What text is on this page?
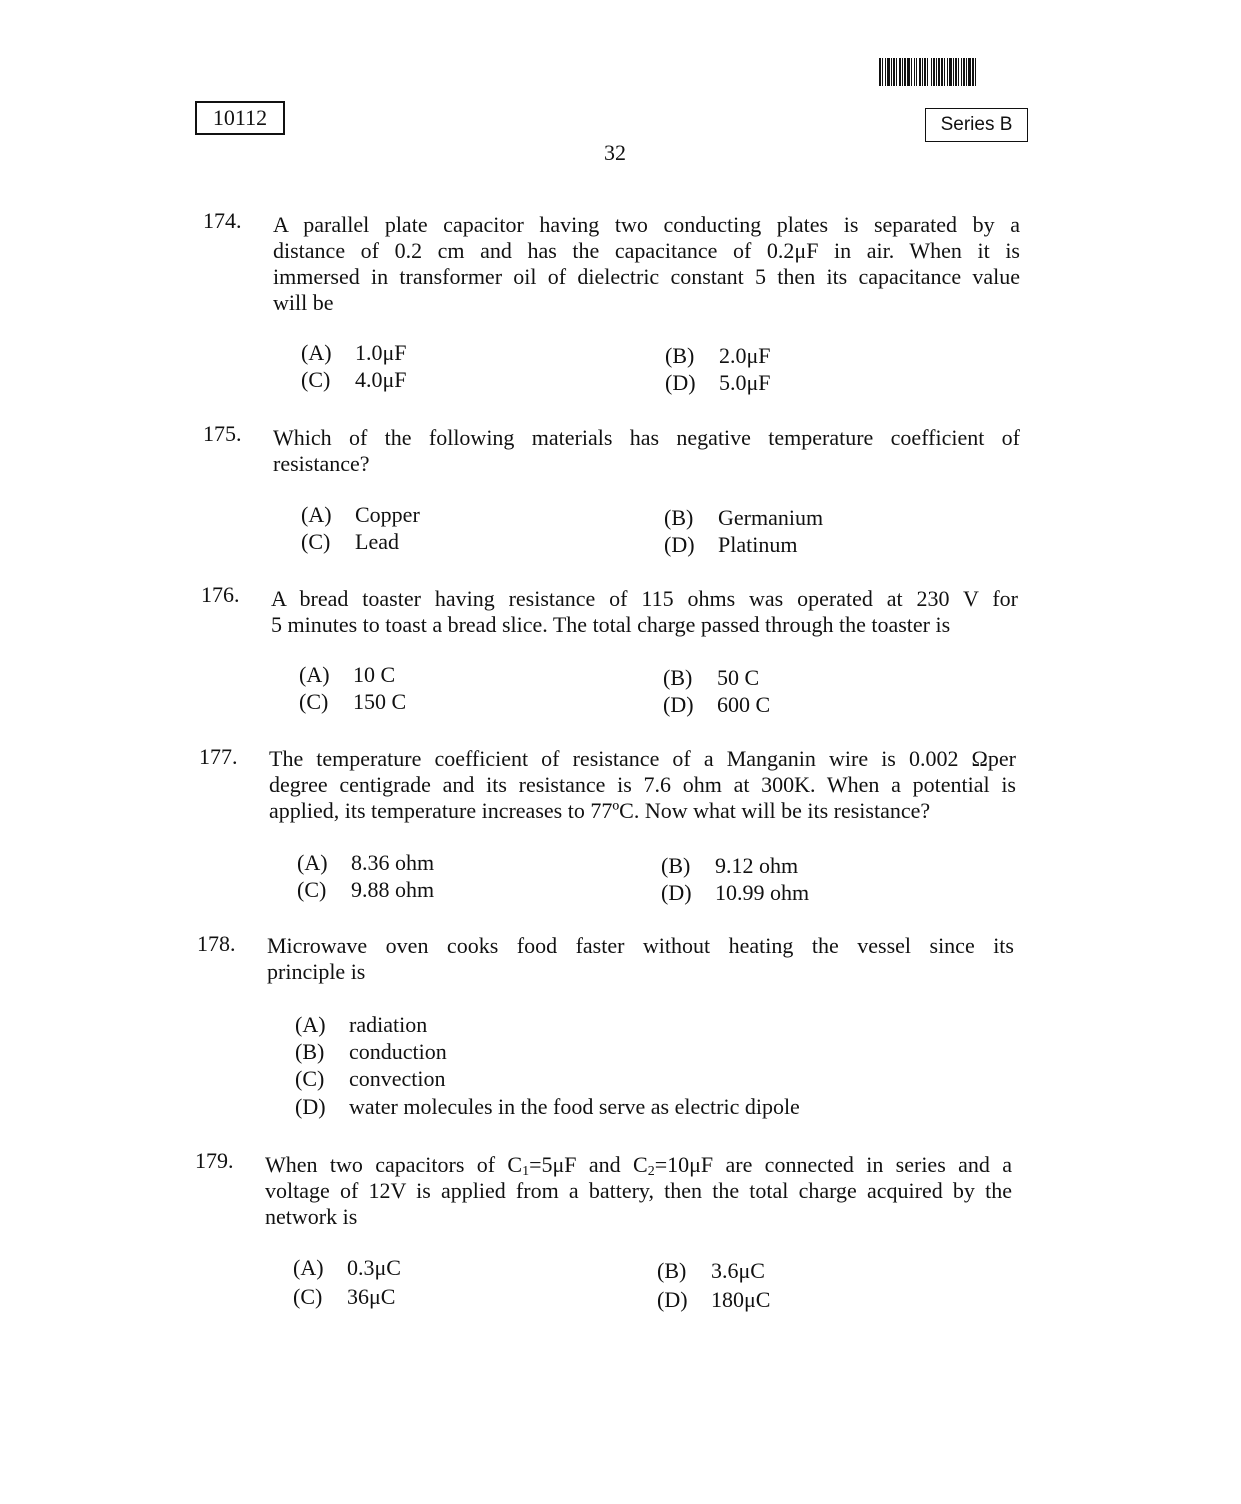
10112	Series B
32
174. A parallel plate capacitor having two conducting plates is separated by a
distance of 0.2 cm and has the capacitance of 0.2μF in air. When it is
immersed in transformer oil of dielectric constant 5 then its capacitance value
will be
(A) 1.0μF	(B) 2.0μF
(C) 4.0μF	(D) 5.0μF
175. Which of the following materials has negative temperature coefficient of
resistance?
(A) Copper	(B) Germanium
(C) Lead	(D) Platinum
176. A bread toaster having resistance of 115 ohms was operated at 230 V for
5 minutes to toast a bread slice. The total charge passed through the toaster is
(A) 10 C	(B) 50 C
(C) 150 C	(D) 600 C
177. The temperature coefficient of resistance of a Manganin wire is 0.002 Ωper
degree centigrade and its resistance is 7.6 ohm at 300K. When a potential is
applied, its temperature increases to 77ºC. Now what will be its resistance?
(A) 8.36 ohm	(B) 9.12 ohm
(C) 9.88 ohm	(D) 10.99 ohm
178. Microwave oven cooks food faster without heating the vessel since its
principle is
(A) radiation
(B) conduction
(C) convection
(D) water molecules in the food serve as electric dipole
179. When two capacitors of $C_1=5\mu F$ and $C_2=10\mu F$ are connected in series and a
voltage of 12V is applied from a battery, then the total charge acquired by the
network is
(A) 0.3μC	(B) 3.6μC
(C) 36μC	(D) 180μC
